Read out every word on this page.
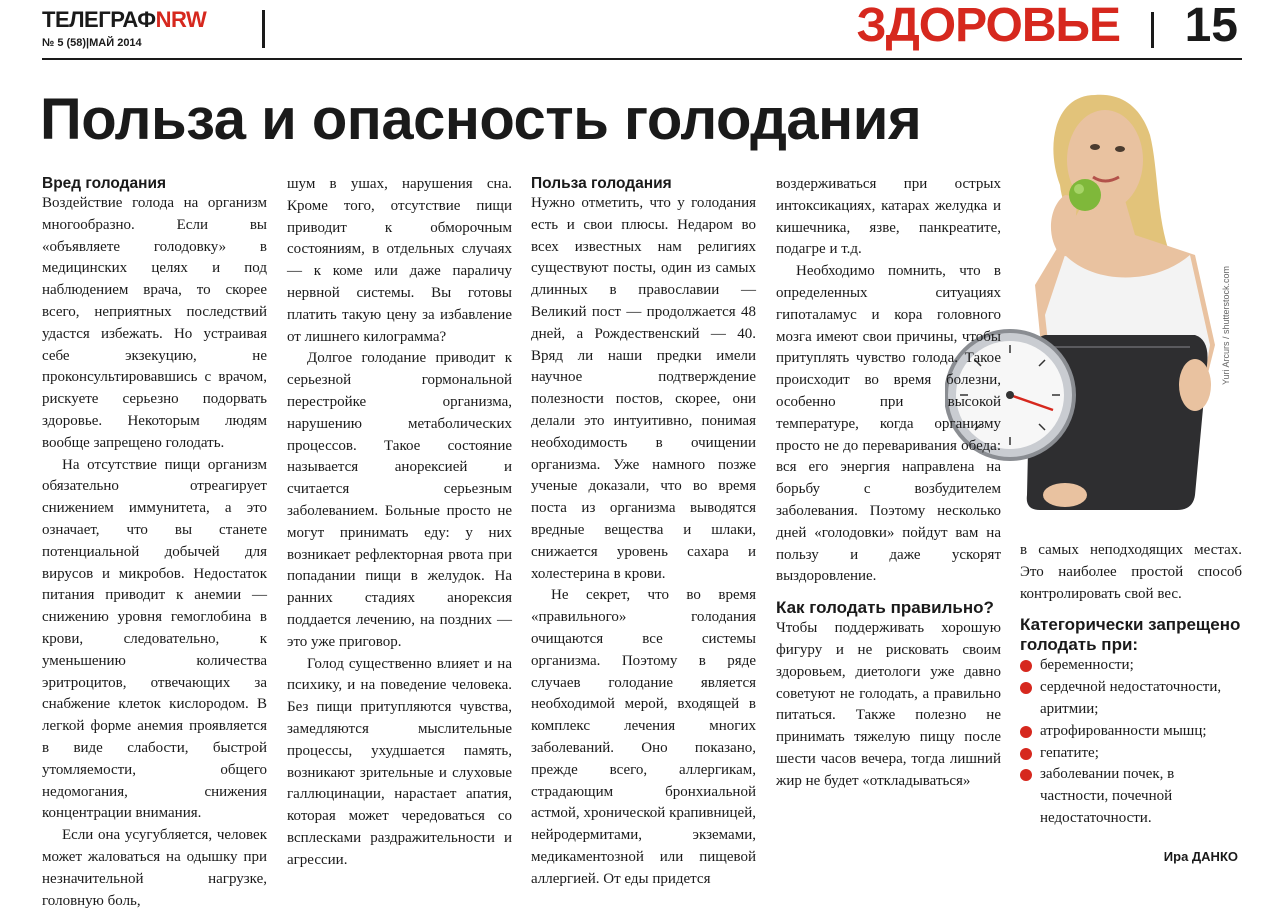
ТЕЛЕГРАФNRW
№ 5 (58)|МАЙ 2014	ЗДОРОВЬЕ 15
Польза и опасность голодания
Yuri Arcurs / shutterstock.com
Вред голодания

Воздействие голода на организм многообразно. Если вы «объявляете голодовку» в медицинских целях и под наблюдением врача, то скорее всего, неприятных последствий удастся избежать. Но устраивая себе экзекуцию, не проконсультировавшись с врачом, рискуете серьезно подорвать здоровье. Некоторым людям вообще запрещено голодать.

На отсутствие пищи организм обязательно отреагирует снижением иммунитета, а это означает, что вы станете потенциальной добычей для вирусов и микробов. Недостаток питания приводит к анемии — снижению уровня гемоглобина в крови, следовательно, к уменьшению количества эритроцитов, отвечающих за снабжение клеток кислородом. В легкой форме анемия проявляется в виде слабости, быстрой утомляемости, общего недомогания, снижения концентрации внимания.

Если она усугубляется, человек может жаловаться на одышку при незначительной нагрузке, головную боль,

шум в ушах, нарушения сна. Кроме того, отсутствие пищи приводит к обморочным состояниям, в отдельных случаях — к коме или даже параличу нервной системы. Вы готовы платить такую цену за избавление от лишнего килограмма?

Долгое голодание приводит к серьезной гормональной перестройке организма, нарушению метаболических процессов. Такое состояние называется анорексией и считается серьезным заболеванием. Больные просто не могут принимать еду: у них возникает рефлекторная рвота при попадании пищи в желудок. На ранних стадиях анорексия поддается лечению, на поздних — это уже приговор.

Голод существенно влияет и на психику, и на поведение человека. Без пищи притупляются чувства, замедляются мыслительные процессы, ухудшается память, возникают зрительные и слуховые галлюцинации, нарастает апатия, которая может чередоваться со всплесками раздражительности и агрессии.

Польза голодания

Нужно отметить, что у голодания есть и свои плюсы. Недаром во всех известных нам религиях существуют посты, один из самых длинных в православии — Великий пост — продолжается 48 дней, а Рождественский — 40. Вряд ли наши предки имели научное подтверждение полезности постов, скорее, они делали это интуитивно, понимая необходимость в очищении организма. Уже намного позже ученые доказали, что во время поста из организма выводятся вредные вещества и шлаки, снижается уровень сахара и холестерина в крови.

Не секрет, что во время «правильного» голодания очищаются все системы организма. Поэтому в ряде случаев голодание является необходимой мерой, входящей в комплекс лечения многих заболеваний. Оно показано, прежде всего, аллергикам, страдающим бронхиальной астмой, хронической крапивницей, нейродермитами, экземами, медикаментозной или пищевой аллергией. От еды придется

воздерживаться при острых интоксикациях, катарах желудка и кишечника, язве, панкреатите, подагре и т.д.

Необходимо помнить, что в определенных ситуациях гипоталамус и кора головного мозга имеют свои причины, чтобы притуплять чувство голода. Такое происходит во время болезни, особенно при высокой температуре, когда организму просто не до переваривания обеда: вся его энергия направлена на борьбу с возбудителем заболевания. Поэтому несколько дней «голодовки» пойдут вам на пользу и даже ускорят выздоровление.

Как голодать правильно?

Чтобы поддерживать хорошую фигуру и не рисковать своим здоровьем, диетологи уже давно советуют не голодать, а правильно питаться. Также полезно не принимать тяжелую пищу после шести часов вечера, тогда лишний жир не будет «откладываться»

в самых неподходящих местах. Это наиболее простой способ контролировать свой вес.

Категорически запрещено голодать при:
беременности;
сердечной недостаточности, аритмии;
атрофированности мышц;
гепатите;
заболевании почек, в частности, почечной недостаточности.
Ира ДАНКО
